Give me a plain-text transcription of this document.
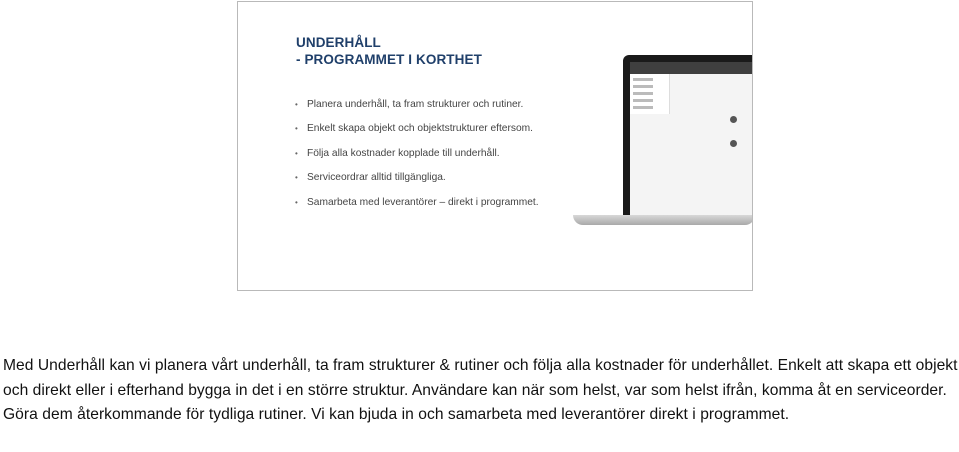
UNDERHÅLL
- PROGRAMMET I KORTHET
• Planera underhåll, ta fram strukturer och rutiner.
• Enkelt skapa objekt och objektstrukturer eftersom.
• Följa alla kostnader kopplade till underhåll.
• Serviceordrar alltid tillgängliga.
• Samarbeta med leverantörer – direkt i programmet.
Med Underhåll kan vi planera vårt underhåll, ta fram strukturer & rutiner och följa alla kostnader för underhållet. Enkelt att skapa ett objekt och direkt eller i efterhand bygga in det i en större struktur. Användare kan när som helst, var som helst ifrån, komma åt en serviceorder. Göra dem återkommande för tydliga rutiner. Vi kan bjuda in och samarbeta med leverantörer direkt i programmet.
